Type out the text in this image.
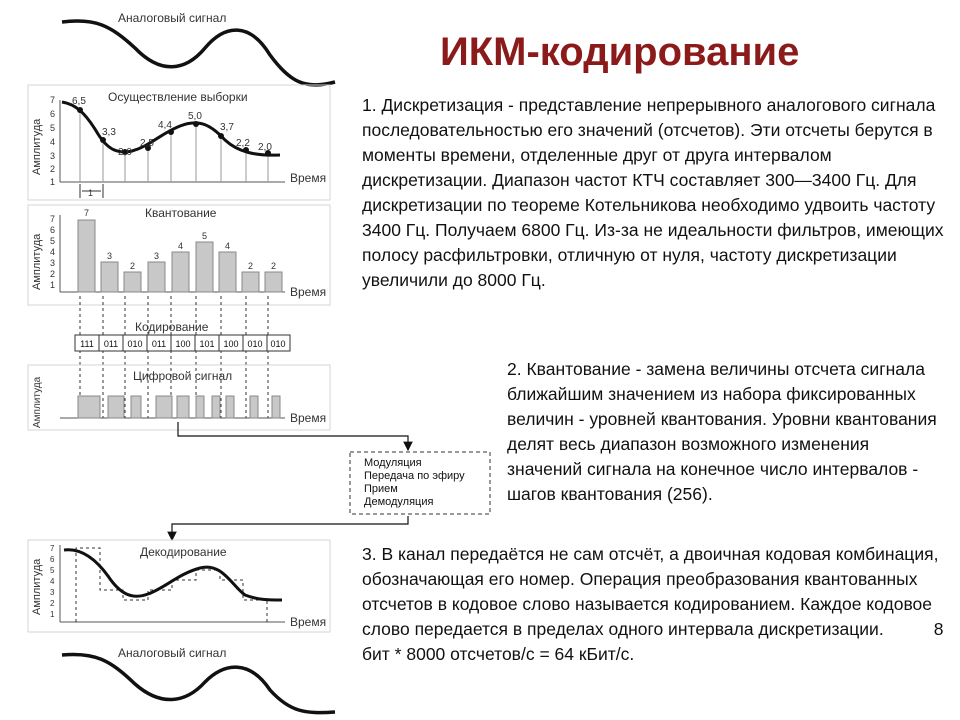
ИКМ-кодирование

1. Дискретизация - представление непрерывного аналогового сигнала последовательностью его значений (отсчетов). Эти отсчеты берутся в моменты времени, отделенные друг от друга интервалом дискретизации. Диапазон частот КТЧ составляет 300—3400 Гц. Для дискретизации по теореме Котельникова необходимо удвоить частоту 3400 Гц. Получаем 6800 Гц. Из-за не идеальности фильтров, имеющих полосу расфильтровки, отличную от нуля, частоту дискретизации увеличили до 8000 Гц.

2. Квантование - замена величины отсчета сигнала ближайшим значением из набора фиксированных величин - уровней квантования. Уровни квантования делят весь диапазон возможного изменения значений сигнала на конечное число интервалов - шагов квантования (256).

3. В канал передаётся не сам отсчёт, а двоичная кодовая комбинация, обозначающая его номер. Операция преобразования квантованных отсчетов в кодовое слово называется кодированием. Каждое кодовое слово передается в пределах одного интервала дискретизации.	8 бит * 8000 отсчетов/с = 64 кБит/с.

Аналоговый сигнал
Амплитуда
7
6
5
4
3
2
1
Осуществление выборки
6,5
3,3
2,0
2,5
4,4
5,0
3,7
2,2 2,0
Время
1
Амплитуда
7
6
5
4
3
2
1
Квантование
7
3
2
3
4
5
4
2 2
Время
Кодирование
111 011 010 011 100 101 100 010 010
Амплитуда
Цифровой сигнал
Время
Модуляция
Передача по эфиру
Прием
Демодуляция
Амплитуда
7
6
5
4
3
2
1
Декодирование
Время
Аналоговый сигнал
